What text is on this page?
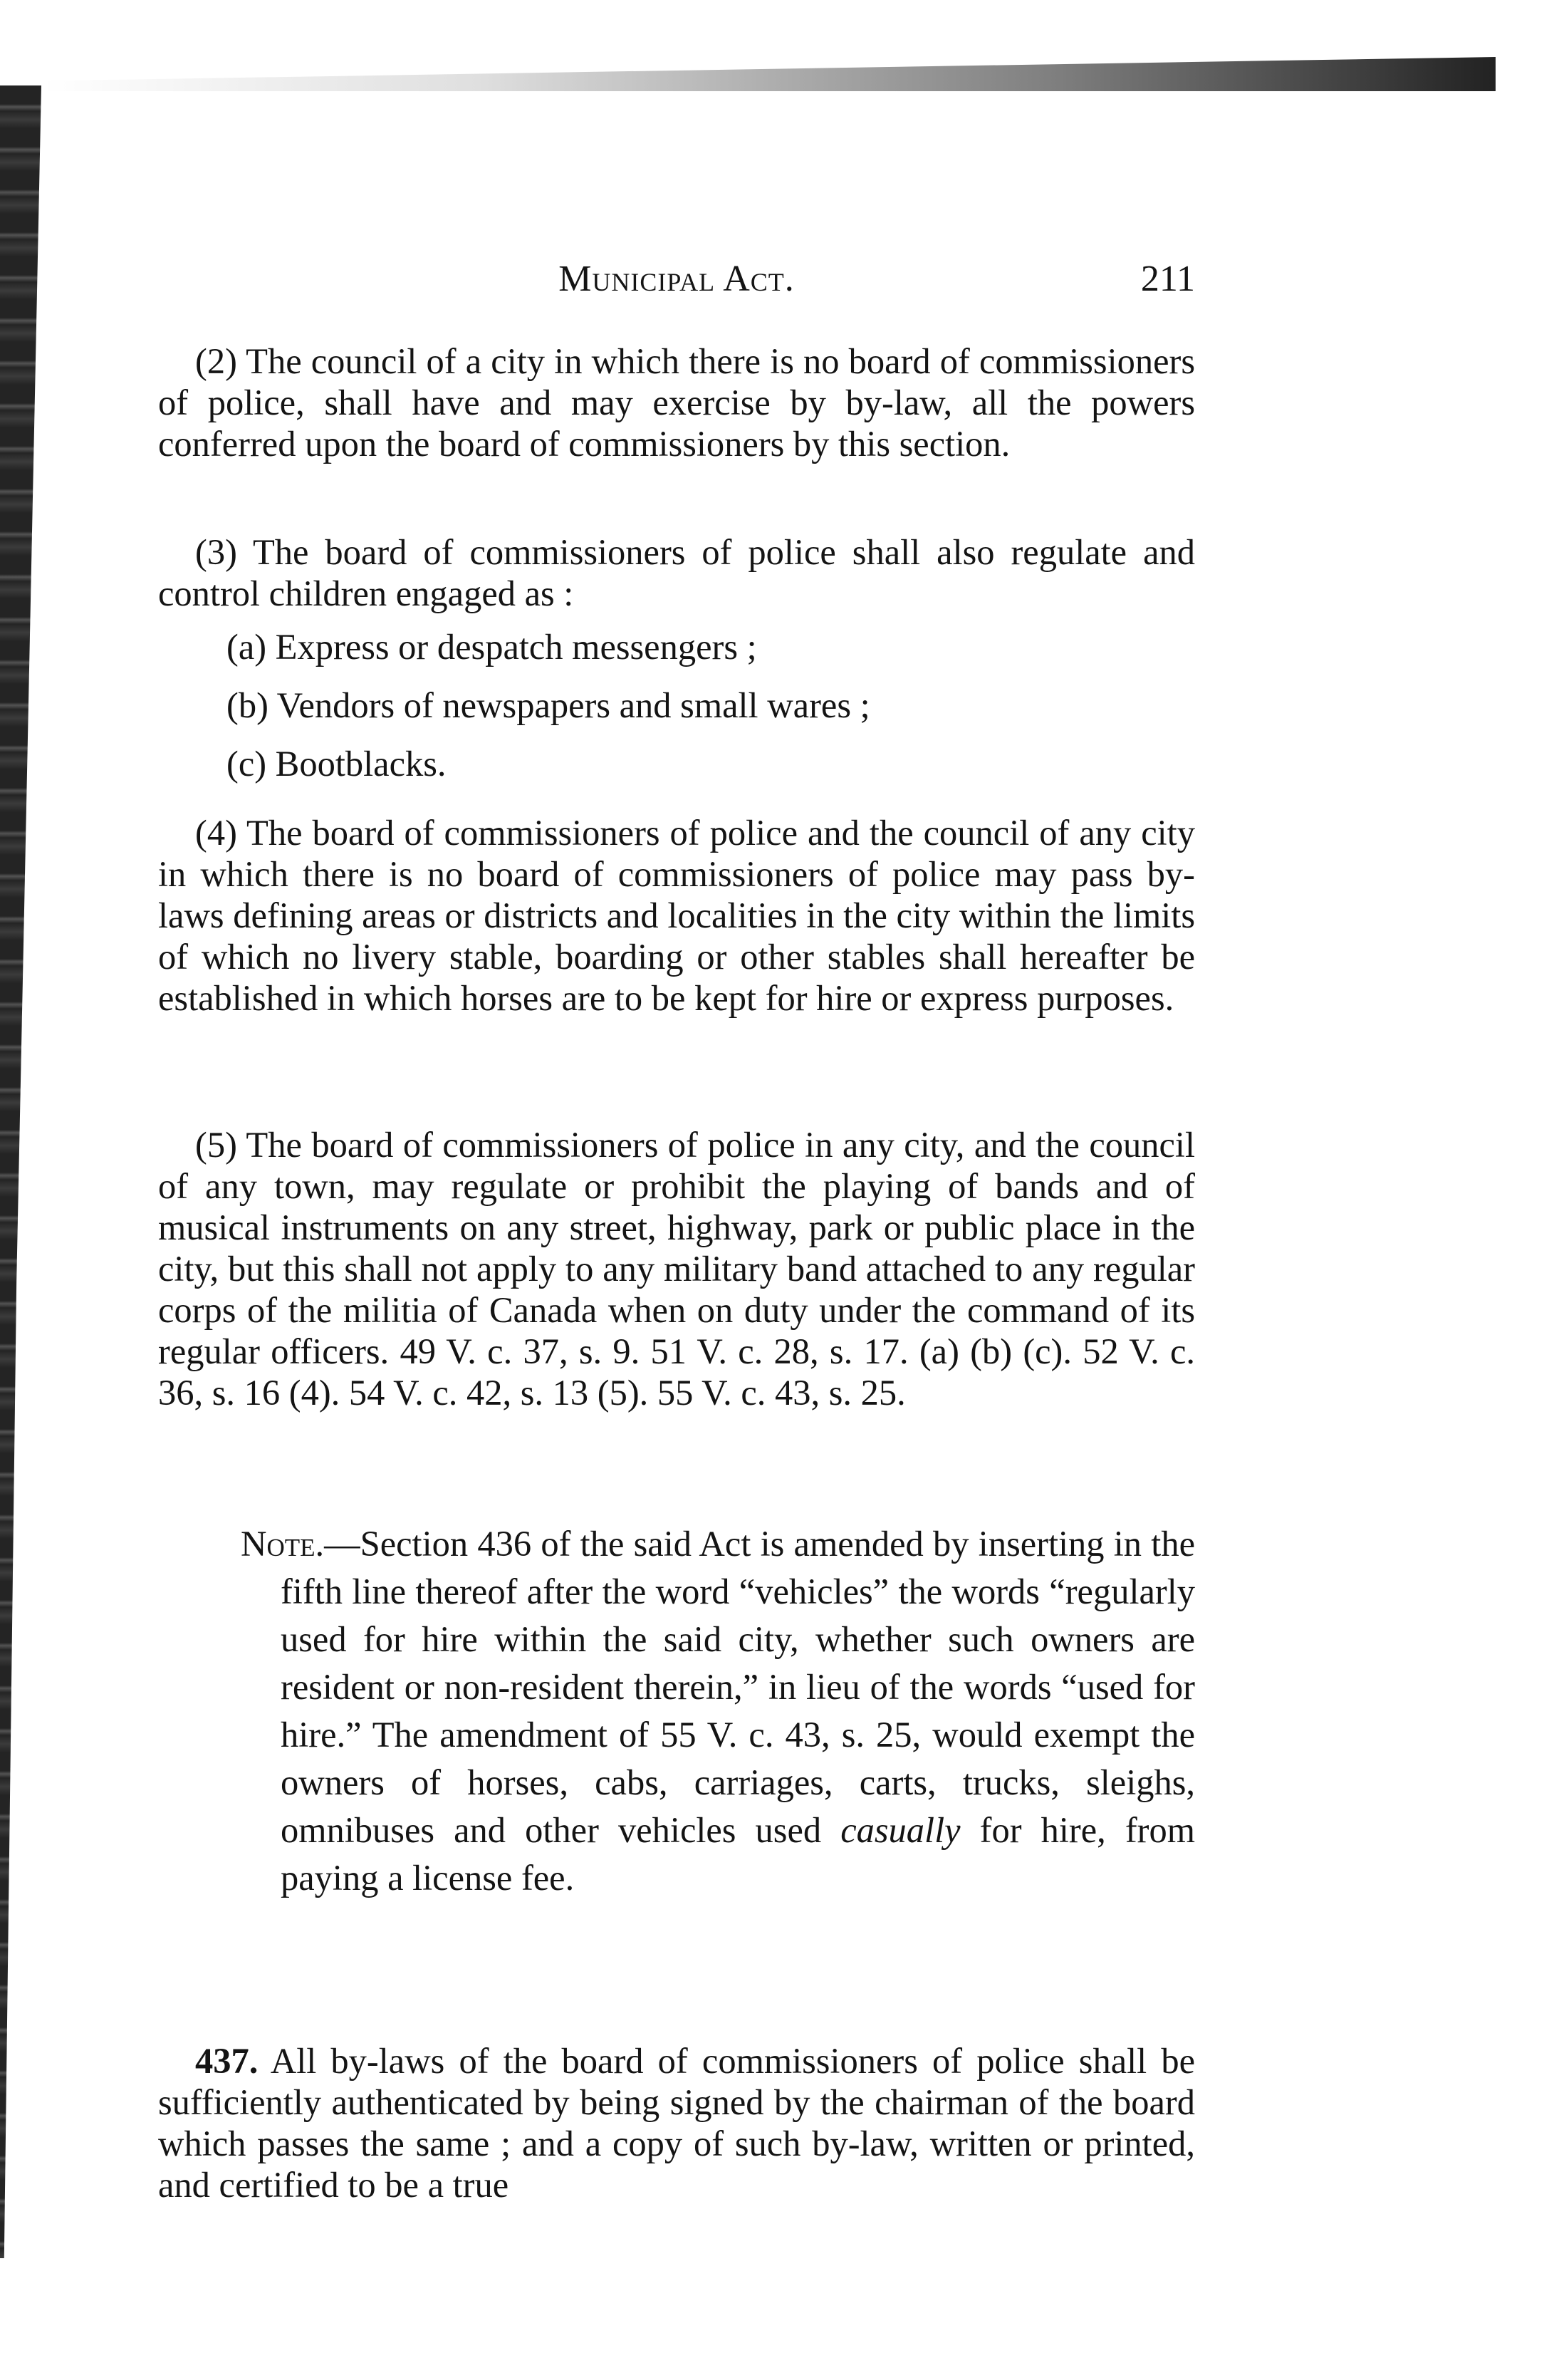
Municipal Act.	211

(2) The council of a city in which there is no board of commissioners of police, shall have and may exercise by by-law, all the powers conferred upon the board of commissioners by this section.

(3) The board of commissioners of police shall also regulate and control children engaged as :

(a) Express or despatch messengers ;

(b) Vendors of newspapers and small wares ;

(c) Bootblacks.

(4) The board of commissioners of police and the council of any city in which there is no board of commissioners of police may pass by-laws defining areas or districts and localities in the city within the limits of which no livery stable, boarding or other stables shall hereafter be established in which horses are to be kept for hire or express purposes.

(5) The board of commissioners of police in any city, and the council of any town, may regulate or prohibit the playing of bands and of musical instruments on any street, highway, park or public place in the city, but this shall not apply to any military band attached to any regular corps of the militia of Canada when on duty under the command of its regular officers. 49 V. c. 37, s. 9. 51 V. c. 28, s. 17. (a) (b) (c). 52 V. c. 36, s. 16 (4). 54 V. c. 42, s. 13 (5). 55 V. c. 43, s. 25.

Note.—Section 436 of the said Act is amended by inserting in the fifth line thereof after the word “vehicles” the words “regularly used for hire within the said city, whether such owners are resident or non-resident therein,” in lieu of the words “used for hire.” The amendment of 55 V. c. 43, s. 25, would exempt the owners of horses, cabs, carriages, carts, trucks, sleighs, omnibuses and other vehicles used casually for hire, from paying a license fee.

437. All by-laws of the board of commissioners of police shall be sufficiently authenticated by being signed by the chairman of the board which passes the same ; and a copy of such by-law, written or printed, and certified to be a true
